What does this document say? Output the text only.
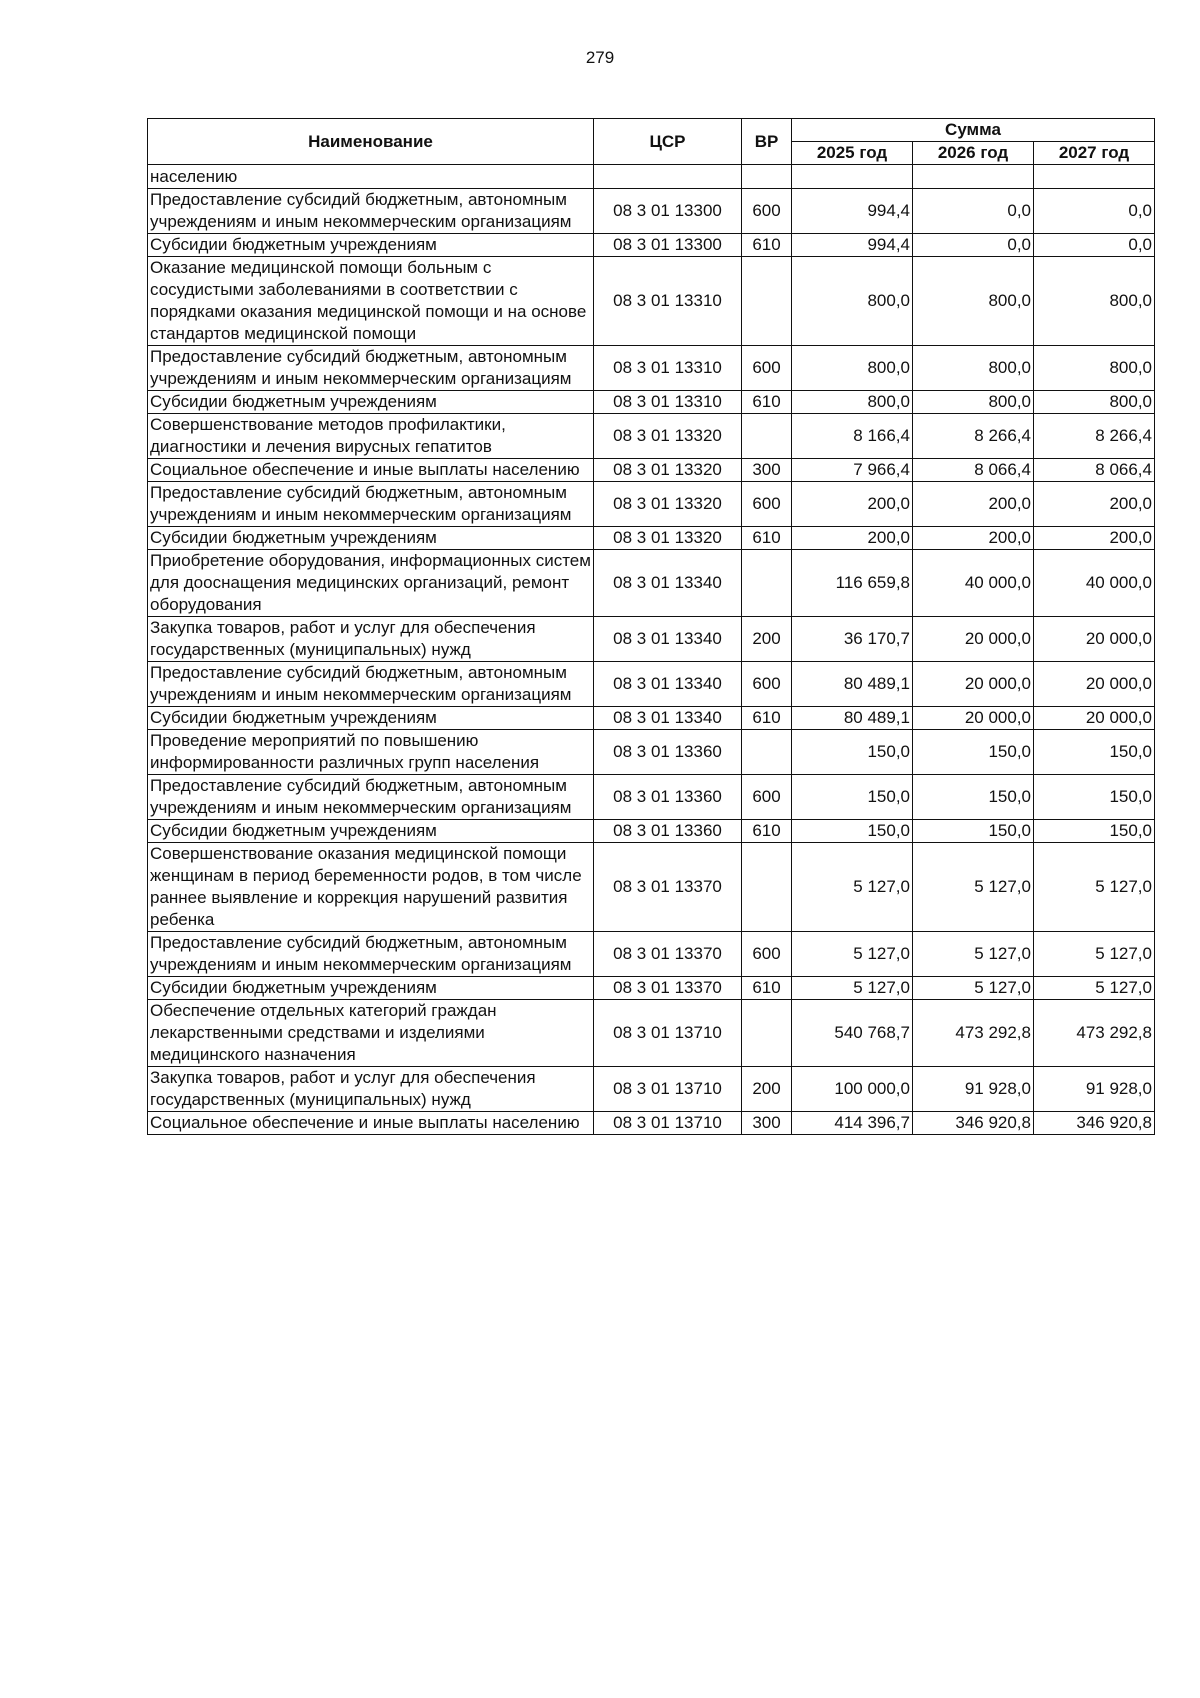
279
Наименование	ЦСР	ВР	Сумма		
			2025 год	2026 год	2027 год
населению					
Предоставление субсидий бюджетным, автономным учреждениям и иным некоммерческим организациям	08 3 01 13300	600	994,4	0,0	0,0
Субсидии бюджетным учреждениям	08 3 01 13300	610	994,4	0,0	0,0
Оказание медицинской помощи больным с сосудистыми заболеваниями в соответствии с порядками оказания медицинской помощи и на основе стандартов медицинской помощи	08 3 01 13310		800,0	800,0	800,0
Предоставление субсидий бюджетным, автономным учреждениям и иным некоммерческим организациям	08 3 01 13310	600	800,0	800,0	800,0
Субсидии бюджетным учреждениям	08 3 01 13310	610	800,0	800,0	800,0
Совершенствование методов профилактики, диагностики и лечения вирусных гепатитов	08 3 01 13320		8 166,4	8 266,4	8 266,4
Социальное обеспечение и иные выплаты населению	08 3 01 13320	300	7 966,4	8 066,4	8 066,4
Предоставление субсидий бюджетным, автономным учреждениям и иным некоммерческим организациям	08 3 01 13320	600	200,0	200,0	200,0
Субсидии бюджетным учреждениям	08 3 01 13320	610	200,0	200,0	200,0
Приобретение оборудования, информационных систем для дооснащения медицинских организаций, ремонт оборудования	08 3 01 13340		116 659,8	40 000,0	40 000,0
Закупка товаров, работ и услуг для обеспечения государственных (муниципальных) нужд	08 3 01 13340	200	36 170,7	20 000,0	20 000,0
Предоставление субсидий бюджетным, автономным учреждениям и иным некоммерческим организациям	08 3 01 13340	600	80 489,1	20 000,0	20 000,0
Субсидии бюджетным учреждениям	08 3 01 13340	610	80 489,1	20 000,0	20 000,0
Проведение мероприятий по повышению информированности различных групп населения	08 3 01 13360		150,0	150,0	150,0
Предоставление субсидий бюджетным, автономным учреждениям и иным некоммерческим организациям	08 3 01 13360	600	150,0	150,0	150,0
Субсидии бюджетным учреждениям	08 3 01 13360	610	150,0	150,0	150,0
Совершенствование оказания медицинской помощи женщинам в период беременности родов, в том числе раннее выявление и коррекция нарушений развития ребенка	08 3 01 13370		5 127,0	5 127,0	5 127,0
Предоставление субсидий бюджетным, автономным учреждениям и иным некоммерческим организациям	08 3 01 13370	600	5 127,0	5 127,0	5 127,0
Субсидии бюджетным учреждениям	08 3 01 13370	610	5 127,0	5 127,0	5 127,0
Обеспечение отдельных категорий граждан лекарственными средствами и изделиями медицинского назначения	08 3 01 13710		540 768,7	473 292,8	473 292,8
Закупка товаров, работ и услуг для обеспечения государственных (муниципальных) нужд	08 3 01 13710	200	100 000,0	91 928,0	91 928,0
Социальное обеспечение и иные выплаты населению	08 3 01 13710	300	414 396,7	346 920,8	346 920,8
